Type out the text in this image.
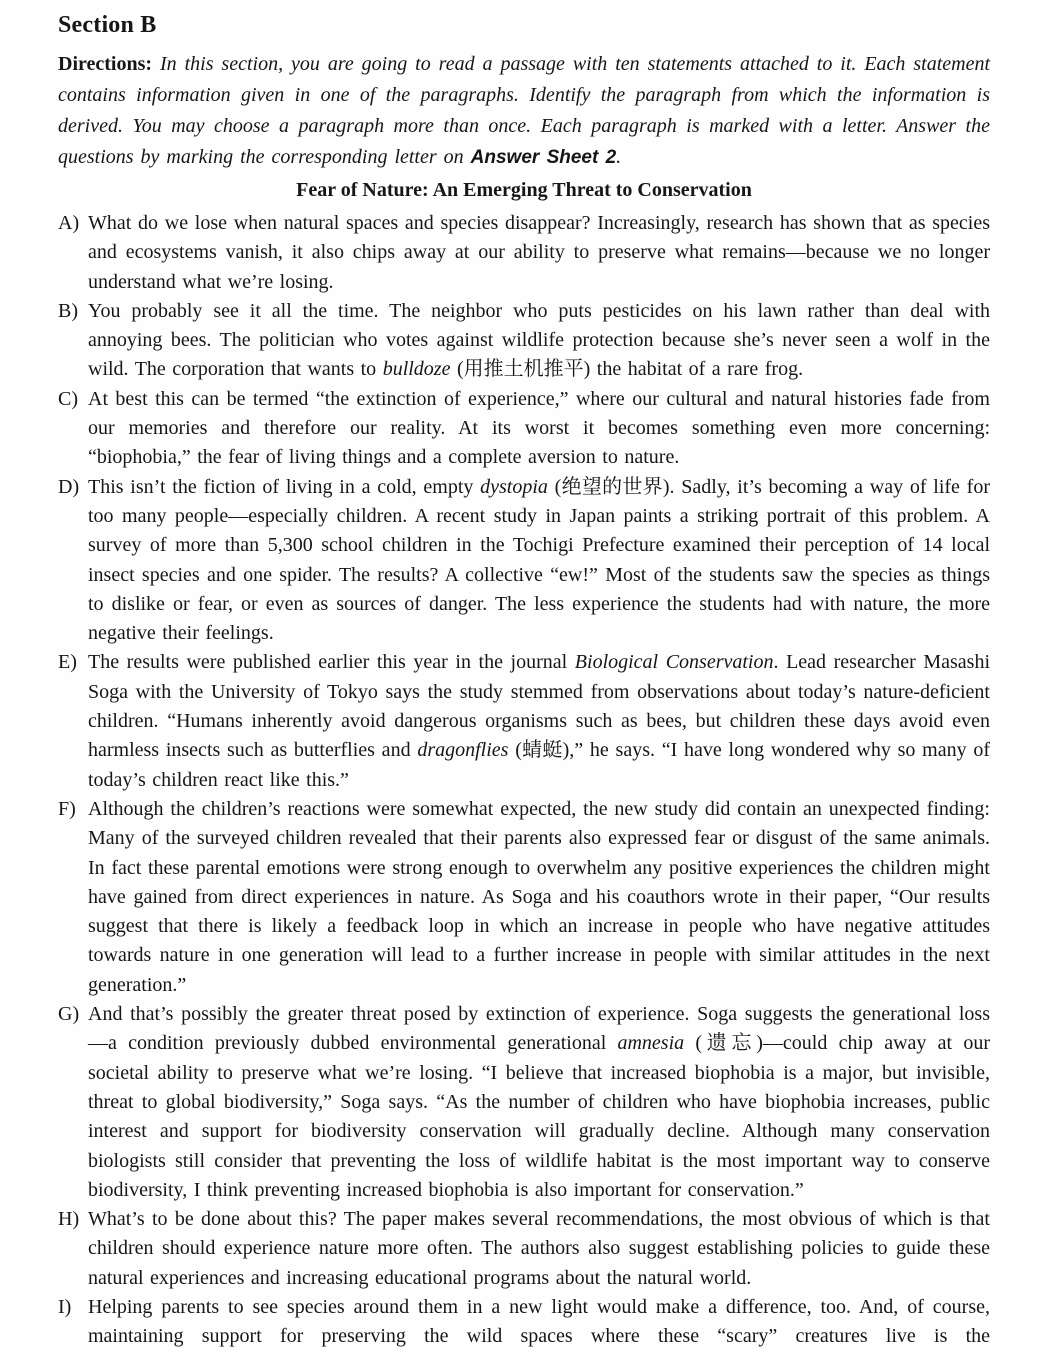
Section B

Directions: In this section, you are going to read a passage with ten statements attached to it. Each statement contains information given in one of the paragraphs. Identify the paragraph from which the information is derived. You may choose a paragraph more than once. Each paragraph is marked with a letter. Answer the questions by marking the corresponding letter on Answer Sheet 2.

Fear of Nature: An Emerging Threat to Conservation

A) What do we lose when natural spaces and species disappear? Increasingly, research has shown that as species and ecosystems vanish, it also chips away at our ability to preserve what remains—because we no longer understand what we’re losing.

B) You probably see it all the time. The neighbor who puts pesticides on his lawn rather than deal with annoying bees. The politician who votes against wildlife protection because she’s never seen a wolf in the wild. The corporation that wants to bulldoze (用推土机推平) the habitat of a rare frog.

C) At best this can be termed “the extinction of experience,” where our cultural and natural histories fade from our memories and therefore our reality. At its worst it becomes something even more concerning: “biophobia,” the fear of living things and a complete aversion to nature.

D) This isn’t the fiction of living in a cold, empty dystopia (绝望的世界). Sadly, it’s becoming a way of life for too many people—especially children. A recent study in Japan paints a striking portrait of this problem. A survey of more than 5,300 school children in the Tochigi Prefecture examined their perception of 14 local insect species and one spider. The results? A collective “ew!” Most of the students saw the species as things to dislike or fear, or even as sources of danger. The less experience the students had with nature, the more negative their feelings.

E) The results were published earlier this year in the journal Biological Conservation. Lead researcher Masashi Soga with the University of Tokyo says the study stemmed from observations about today’s nature-deficient children. “Humans inherently avoid dangerous organisms such as bees, but children these days avoid even harmless insects such as butterflies and dragonflies (蜻蜓),” he says. “I have long wondered why so many of today’s children react like this.”

F) Although the children’s reactions were somewhat expected, the new study did contain an unexpected finding: Many of the surveyed children revealed that their parents also expressed fear or disgust of the same animals. In fact these parental emotions were strong enough to overwhelm any positive experiences the children might have gained from direct experiences in nature. As Soga and his coauthors wrote in their paper, “Our results suggest that there is likely a feedback loop in which an increase in people who have negative attitudes towards nature in one generation will lead to a further increase in people with similar attitudes in the next generation.”

G) And that’s possibly the greater threat posed by extinction of experience. Soga suggests the generational loss—a condition previously dubbed environmental generational amnesia (遗忘)—could chip away at our societal ability to preserve what we’re losing. “I believe that increased biophobia is a major, but invisible, threat to global biodiversity,” Soga says. “As the number of children who have biophobia increases, public interest and support for biodiversity conservation will gradually decline. Although many conservation biologists still consider that preventing the loss of wildlife habitat is the most important way to conserve biodiversity, I think preventing increased biophobia is also important for conservation.”

H) What’s to be done about this? The paper makes several recommendations, the most obvious of which is that children should experience nature more often. The authors also suggest establishing policies to guide these natural experiences and increasing educational programs about the natural world.

I) Helping parents to see species around them in a new light would make a difference, too. And, of course, maintaining support for preserving the wild spaces where these “scary” creatures live is the
